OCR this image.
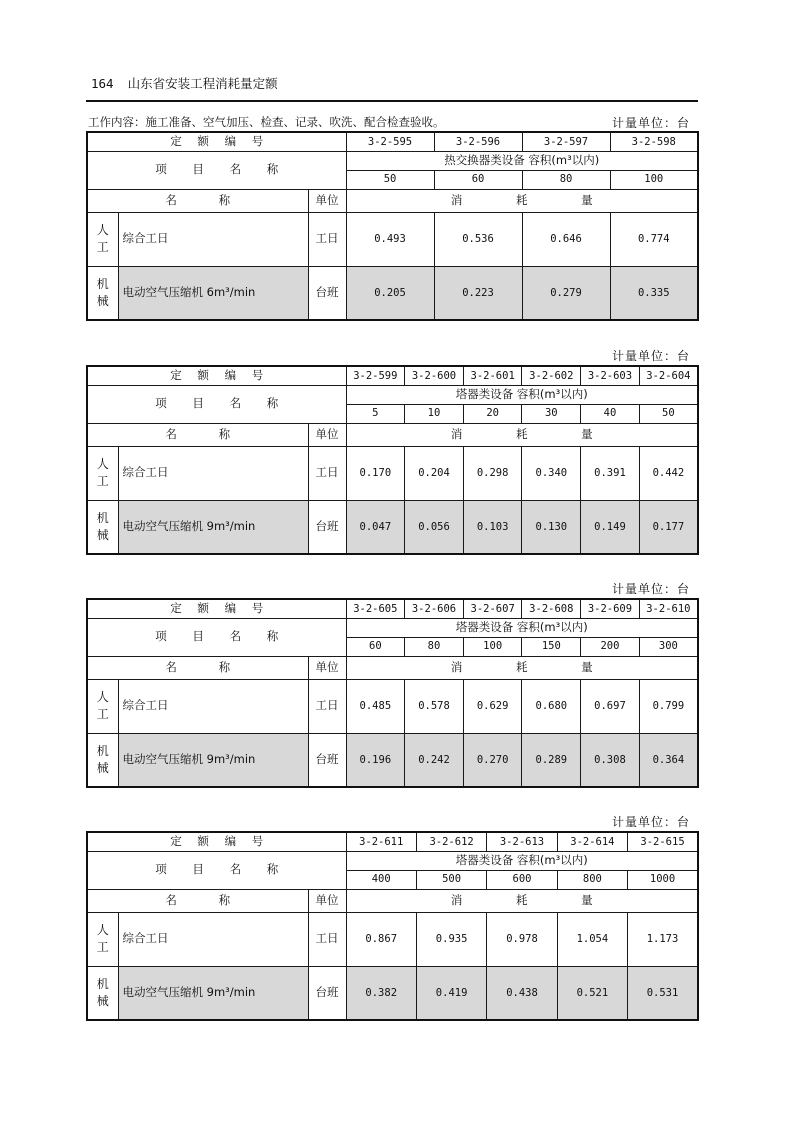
164 山东省安装工程消耗量定额
工作内容：施工准备、空气加压、检查、记录、吹洗、配合检查验收。	计量单位：台
定 额 编 号			3-2-595	3-2-596	3-2-597	3-2-598
项 目 名 称			热交换器类设备 容积(m³以内)			
			50	60	80	100
名 称		单位	消 耗 量			
人工	综合工日	工日	0.493	0.536	0.646	0.774
机械	电动空气压缩机 6m³/min	台班	0.205	0.223	0.279	0.335
计量单位：台
定 额 编 号			3-2-599	3-2-600	3-2-601	3-2-602	3-2-603	3-2-604
项 目 名 称			塔器类设备 容积(m³以内)					
			5	10	20	30	40	50
名 称		单位	消 耗 量					
人工	综合工日	工日	0.170	0.204	0.298	0.340	0.391	0.442
机械	电动空气压缩机 9m³/min	台班	0.047	0.056	0.103	0.130	0.149	0.177
计量单位：台
定 额 编 号			3-2-605	3-2-606	3-2-607	3-2-608	3-2-609	3-2-610
项 目 名 称			塔器类设备 容积(m³以内)					
			60	80	100	150	200	300
名 称		单位	消 耗 量					
人工	综合工日	工日	0.485	0.578	0.629	0.680	0.697	0.799
机械	电动空气压缩机 9m³/min	台班	0.196	0.242	0.270	0.289	0.308	0.364
计量单位：台
定 额 编 号			3-2-611	3-2-612	3-2-613	3-2-614	3-2-615
项 目 名 称			塔器类设备 容积(m³以内)				
			400	500	600	800	1000
名 称		单位	消 耗 量				
人工	综合工日	工日	0.867	0.935	0.978	1.054	1.173
机械	电动空气压缩机 9m³/min	台班	0.382	0.419	0.438	0.521	0.531
